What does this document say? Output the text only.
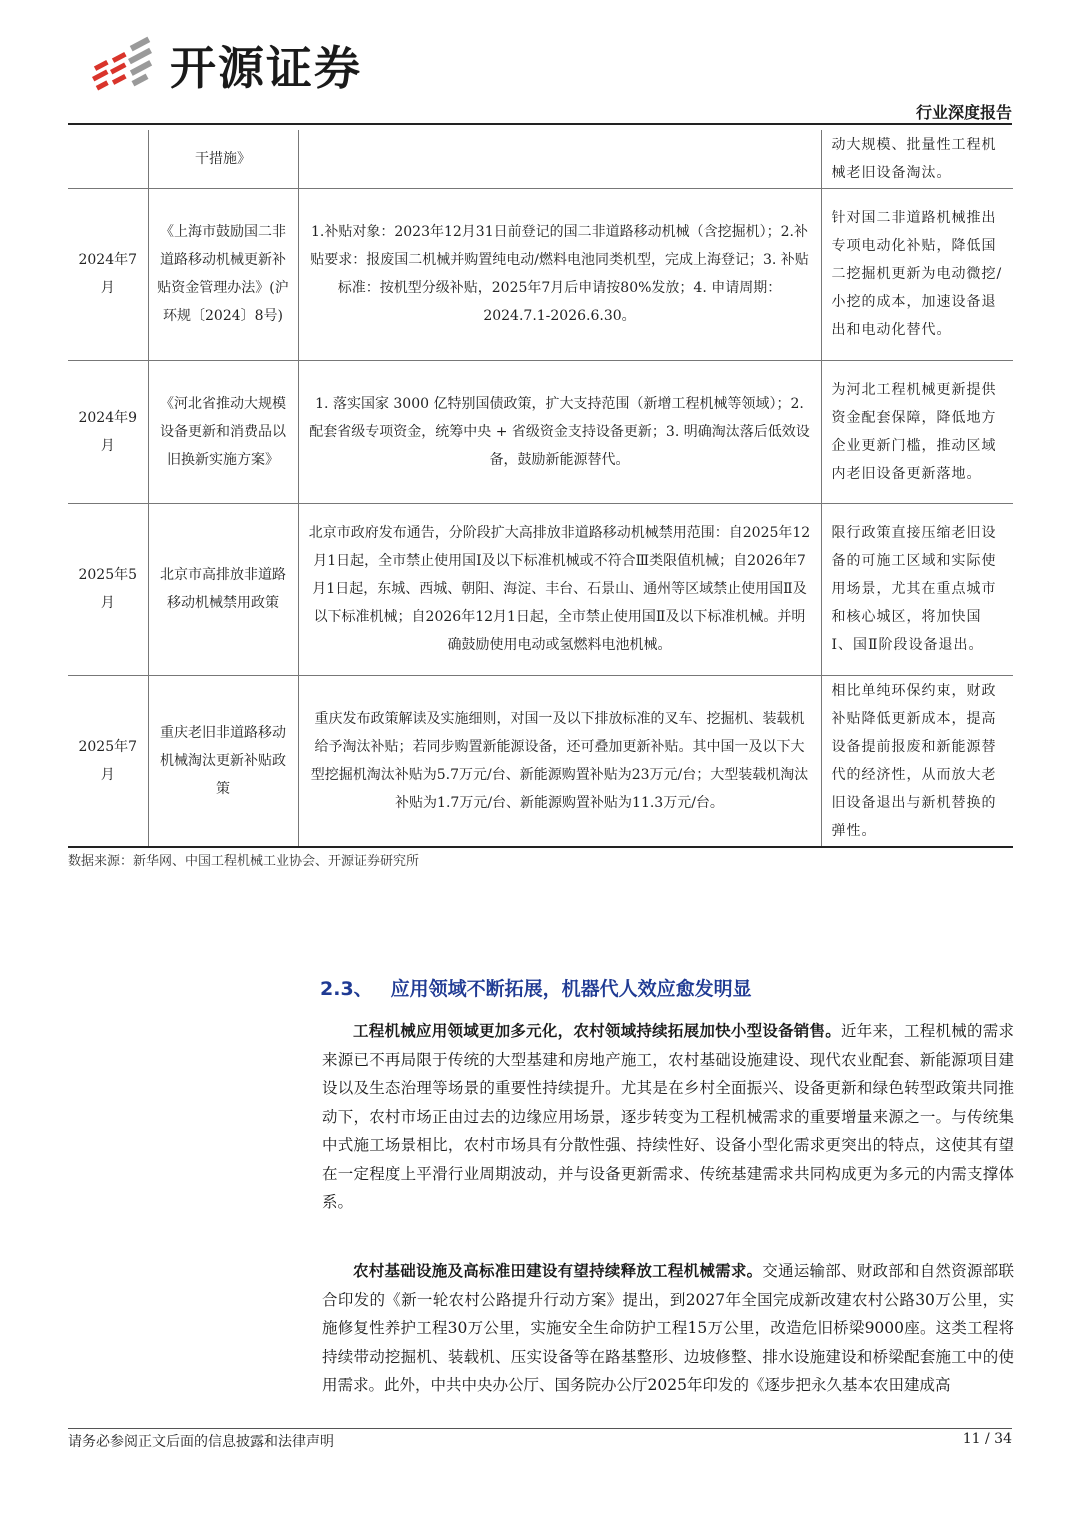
开源证券
行业深度报告
	干措施》		动大规模、批量性工程机械老旧设备淘汰。
2024年7月	《上海市鼓励国二非道路移动机械更新补贴资金管理办法》(沪环规〔2024〕8号)	1.补贴对象：2023年12月31日前登记的国二非道路移动机械（含挖掘机）；2.补贴要求：报废国二机械并购置纯电动/燃料电池同类机型，完成上海登记；3. 补贴标准：按机型分级补贴，2025年7月后申请按80%发放；4. 申请周期：2024.7.1-2026.6.30。	针对国二非道路机械推出专项电动化补贴，降低国二挖掘机更新为电动微挖/小挖的成本，加速设备退出和电动化替代。
2024年9月	《河北省推动大规模设备更新和消费品以旧换新实施方案》	1. 落实国家 3000 亿特别国债政策，扩大支持范围（新增工程机械等领域）；2. 配套省级专项资金，统筹中央 + 省级资金支持设备更新；3. 明确淘汰落后低效设备，鼓励新能源替代。	为河北工程机械更新提供资金配套保障，降低地方企业更新门槛，推动区域内老旧设备更新落地。
2025年5月	北京市高排放非道路移动机械禁用政策	北京市政府发布通告，分阶段扩大高排放非道路移动机械禁用范围：自2025年12月1日起，全市禁止使用国Ⅰ及以下标准机械或不符合Ⅲ类限值机械；自2026年7月1日起，东城、西城、朝阳、海淀、丰台、石景山、通州等区域禁止使用国Ⅱ及以下标准机械；自2026年12月1日起，全市禁止使用国Ⅱ及以下标准机械。并明确鼓励使用电动或氢燃料电池机械。	限行政策直接压缩老旧设备的可施工区域和实际使用场景，尤其在重点城市和核心城区，将加快国Ⅰ、国Ⅱ阶段设备退出。
2025年7月	重庆老旧非道路移动机械淘汰更新补贴政策	重庆发布政策解读及实施细则，对国一及以下排放标准的叉车、挖掘机、装载机给予淘汰补贴；若同步购置新能源设备，还可叠加更新补贴。其中国一及以下大型挖掘机淘汰补贴为5.7万元/台、新能源购置补贴为23万元/台；大型装载机淘汰补贴为1.7万元/台、新能源购置补贴为11.3万元/台。	相比单纯环保约束，财政补贴降低更新成本，提高设备提前报废和新能源替代的经济性，从而放大老旧设备退出与新机替换的弹性。
数据来源：新华网、中国工程机械工业协会、开源证券研究所
2.3、 应用领域不断拓展，机器代人效应愈发明显
工程机械应用领域更加多元化，农村领域持续拓展加快小型设备销售。近年来，工程机械的需求来源已不再局限于传统的大型基建和房地产施工，农村基础设施建设、现代农业配套、新能源项目建设以及生态治理等场景的重要性持续提升。尤其是在乡村全面振兴、设备更新和绿色转型政策共同推动下，农村市场正由过去的边缘应用场景，逐步转变为工程机械需求的重要增量来源之一。与传统集中式施工场景相比，农村市场具有分散性强、持续性好、设备小型化需求更突出的特点，这使其有望在一定程度上平滑行业周期波动，并与设备更新需求、传统基建需求共同构成更为多元的内需支撑体系。
农村基础设施及高标准田建设有望持续释放工程机械需求。交通运输部、财政部和自然资源部联合印发的《新一轮农村公路提升行动方案》提出，到2027年全国完成新改建农村公路30万公里，实施修复性养护工程30万公里，实施安全生命防护工程15万公里，改造危旧桥梁9000座。这类工程将持续带动挖掘机、装载机、压实设备等在路基整形、边坡修整、排水设施建设和桥梁配套施工中的使用需求。此外，中共中央办公厅、国务院办公厅2025年印发的《逐步把永久基本农田建成高
请务必参阅正文后面的信息披露和法律声明	11 / 34
